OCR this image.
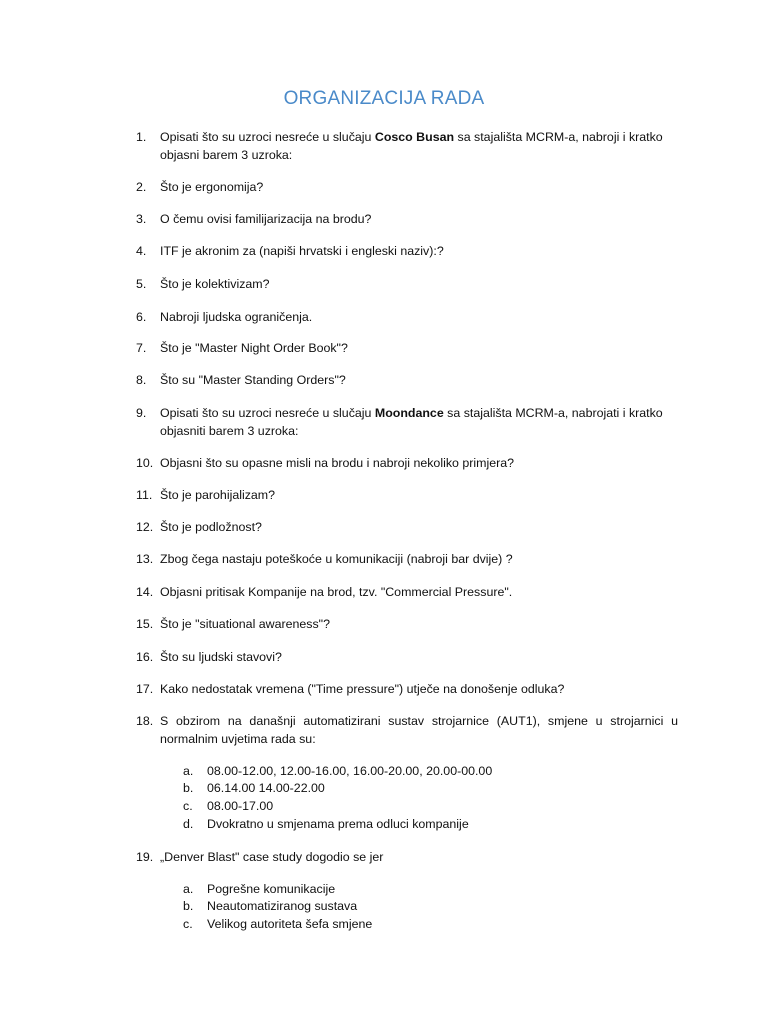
ORGANIZACIJA RADA
1.	Opisati što su uzroci nesreće u slučaju Cosco Busan sa stajališta MCRM-a, nabroji i kratko objasni barem 3 uzroka:
2.	Što je ergonomija?
3.	O čemu ovisi familijarizacija na brodu?
4.	ITF je akronim za (napiši hrvatski i engleski naziv):?
5.	Što je kolektivizam?
6.	Nabroji ljudska ograničenja.
7.	Što je "Master Night Order Book"?
8.	Što su "Master Standing Orders"?
9.	Opisati što su uzroci nesreće u slučaju Moondance sa stajališta MCRM-a, nabrojati i kratko objasniti barem 3 uzroka:
10. Objasni što su opasne misli na brodu i nabroji nekoliko primjera?
11. Što je parohijalizam?
12. Što je podložnost?
13. Zbog čega nastaju poteškoće u komunikaciji (nabroji bar dvije) ?
14. Objasni pritisak Kompanije na brod, tzv. "Commercial Pressure".
15. Što je "situational awareness"?
16. Što su ljudski stavovi?
17. Kako nedostatak vremena ("Time pressure") utječe na donošenje odluka?
18. S obzirom na današnji automatizirani sustav strojarnice (AUT1), smjene u strojarnici u normalnim uvjetima rada su:
a. 08.00-12.00, 12.00-16.00, 16.00-20.00, 20.00-00.00
b. 06.14.00 14.00-22.00
c. 08.00-17.00
d. Dvokratno u smjenama prema odluci kompanije
19. „Denver Blast" case study dogodio se jer
a. Pogrešne komunikacije
b. Neautomatiziranog sustava
c. Velikog autoriteta šefa smjene
